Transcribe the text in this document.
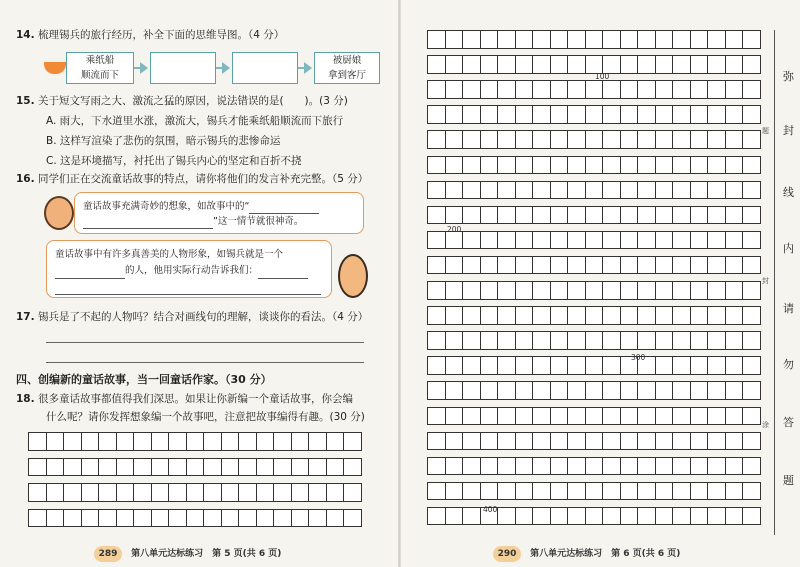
14. 梳理锡兵的旅行经历，补全下面的思维导图。（4 分）
乘纸船
顺流而下
被厨娘
拿到客厅
15. 关于短文写雨之大、激流之猛的原因，说法错误的是(　　)。(3 分)
A. 雨大，下水道里水涨，激流大，锡兵才能乘纸船顺流而下旅行
B. 这样写渲染了悲伤的氛围，暗示锡兵的悲惨命运
C. 这是环境描写，衬托出了锡兵内心的坚定和百折不挠
16. 同学们正在交流童话故事的特点，请你将他们的发言补充完整。（5 分）
童话故事充满奇妙的想象，如故事中的“
”这一情节就很神奇。
童话故事中有许多真善美的人物形象，如锡兵就是一个
的人，他用实际行动告诉我们：

17. 锡兵是了不起的人物吗？结合对画线句的理解，谈谈你的看法。（4 分）
四、创编新的童话故事，当一回童话作家。（30 分）
18. 很多童话故事都值得我们深思。如果让你新编一个童话故事，你会编
什么呢？请你发挥想象编一个故事吧，注意把故事编得有趣。(30 分)
289 第八单元达标练习　第 5 页(共 6 页)
100
200
300
400
弥
封
线
内
请
勿
答
题
题
封
涂
290 第八单元达标练习　第 6 页(共 6 页)
